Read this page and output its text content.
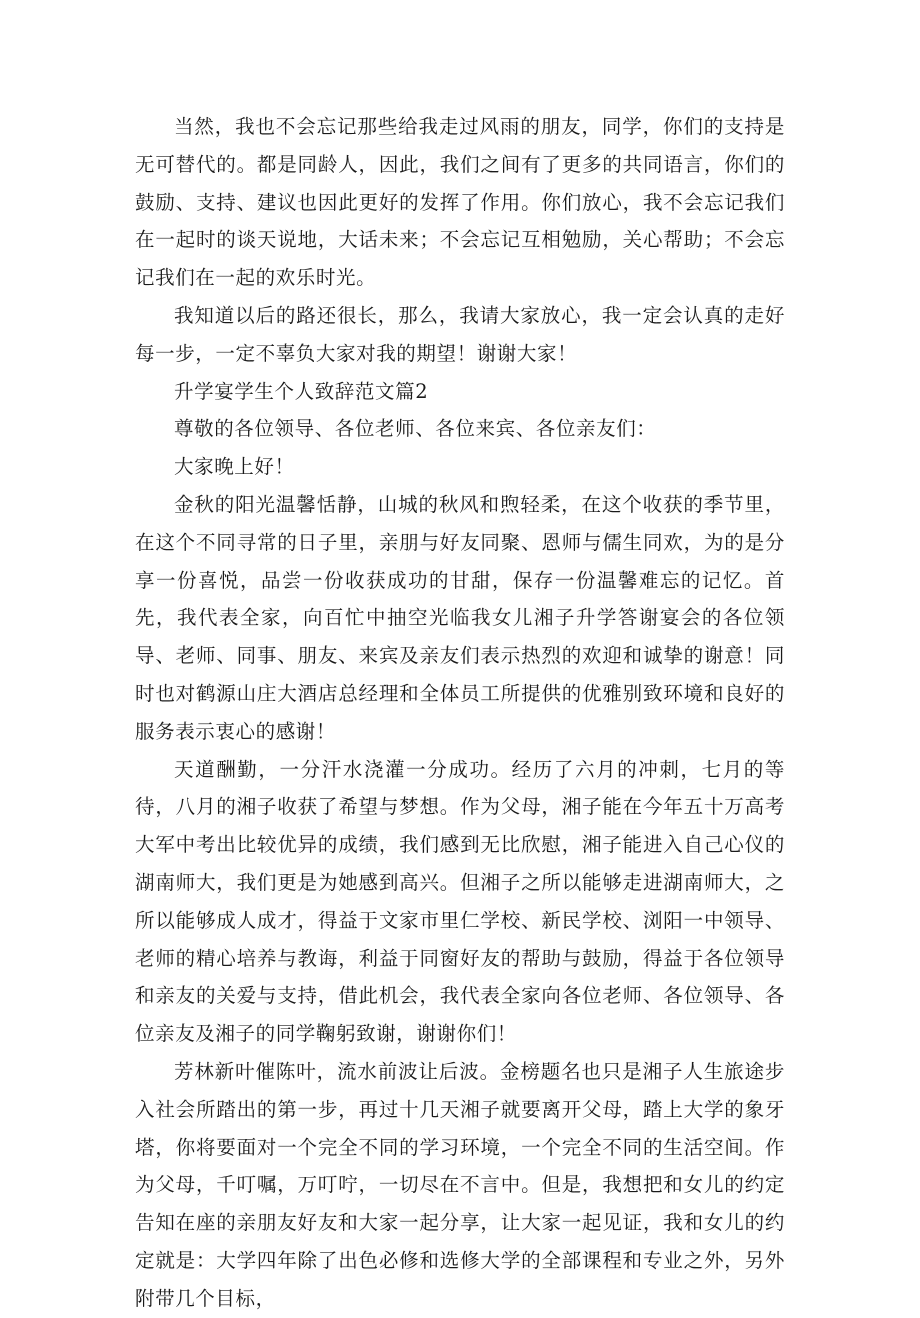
当然，我也不会忘记那些给我走过风雨的朋友，同学，你们的支持是无可替代的。都是同龄人，因此，我们之间有了更多的共同语言，你们的鼓励、支持、建议也因此更好的发挥了作用。你们放心，我不会忘记我们在一起时的谈天说地，大话未来；不会忘记互相勉励，关心帮助；不会忘记我们在一起的欢乐时光。

我知道以后的路还很长，那么，我请大家放心，我一定会认真的走好每一步，一定不辜负大家对我的期望！谢谢大家！

升学宴学生个人致辞范文篇2

尊敬的各位领导、各位老师、各位来宾、各位亲友们：

大家晚上好！

金秋的阳光温馨恬静，山城的秋风和煦轻柔，在这个收获的季节里，在这个不同寻常的日子里，亲朋与好友同聚、恩师与儒生同欢，为的是分享一份喜悦，品尝一份收获成功的甘甜，保存一份温馨难忘的记忆。首先，我代表全家，向百忙中抽空光临我女儿湘子升学答谢宴会的各位领导、老师、同事、朋友、来宾及亲友们表示热烈的欢迎和诚挚的谢意！同时也对鹤源山庄大酒店总经理和全体员工所提供的优雅别致环境和良好的服务表示衷心的感谢！

天道酬勤，一分汗水浇灌一分成功。经历了六月的冲刺，七月的等待，八月的湘子收获了希望与梦想。作为父母，湘子能在今年五十万高考大军中考出比较优异的成绩，我们感到无比欣慰，湘子能进入自己心仪的湖南师大，我们更是为她感到高兴。但湘子之所以能够走进湖南师大，之所以能够成人成才，得益于文家市里仁学校、新民学校、浏阳一中领导、老师的精心培养与教诲，利益于同窗好友的帮助与鼓励，得益于各位领导和亲友的关爱与支持，借此机会，我代表全家向各位老师、各位领导、各位亲友及湘子的同学鞠躬致谢，谢谢你们！

芳林新叶催陈叶，流水前波让后波。金榜题名也只是湘子人生旅途步入社会所踏出的第一步，再过十几天湘子就要离开父母，踏上大学的象牙塔，你将要面对一个完全不同的学习环境，一个完全不同的生活空间。作为父母，千叮嘱，万叮咛，一切尽在不言中。但是，我想把和女儿的约定告知在座的亲朋友好友和大家一起分享，让大家一起见证，我和女儿的约定就是：大学四年除了出色必修和选修大学的全部课程和专业之外，另外附带几个目标，
